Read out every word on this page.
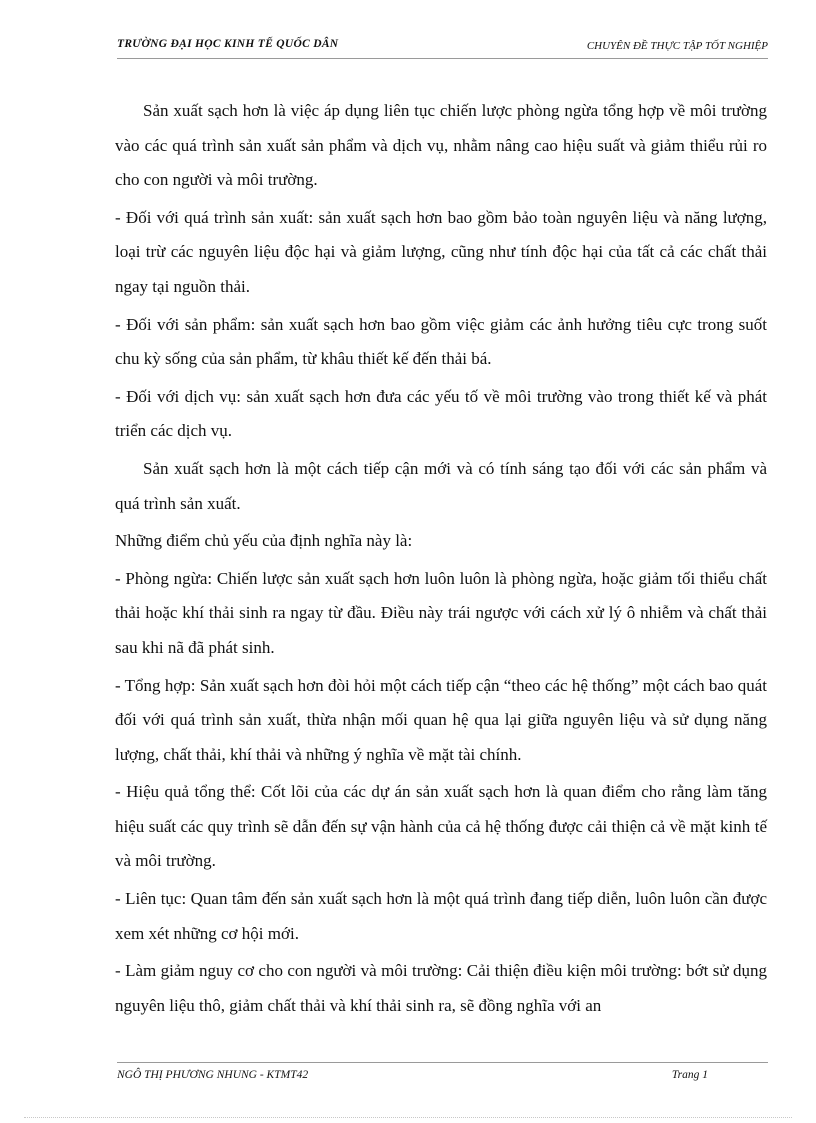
TRƯỜNG ĐẠI HỌC KINH TẾ QUỐC DÂN	CHUYÊN ĐỀ THỰC TẬP TỐT NGHIỆP

Sản xuất sạch hơn là việc áp dụng liên tục chiến lược phòng ngừa tổng hợp về môi trường vào các quá trình sản xuất sản phẩm và dịch vụ, nhằm nâng cao hiệu suất và giảm thiểu rủi ro cho con người và môi trường.

- Đối với quá trình sản xuất: sản xuất sạch hơn bao gồm bảo toàn nguyên liệu và năng lượng, loại trừ các nguyên liệu độc hại và giảm lượng, cũng như tính độc hại của tất cả các chất thải ngay tại nguồn thải.

- Đối với sản phẩm: sản xuất sạch hơn bao gồm việc giảm các ảnh hưởng tiêu cực trong suốt chu kỳ sống của sản phẩm, từ khâu thiết kế đến thải bá.

- Đối với dịch vụ: sản xuất sạch hơn đưa các yếu tố về môi trường vào trong thiết kế và phát triển các dịch vụ.

Sản xuất sạch hơn là một cách tiếp cận mới và có tính sáng tạo đối với các sản phẩm và quá trình sản xuất.

Những điểm chủ yếu của định nghĩa này là:

- Phòng ngừa: Chiến lược sản xuất sạch hơn luôn luôn là phòng ngừa, hoặc giảm tối thiểu chất thải hoặc khí thải sinh ra ngay từ đầu. Điều này trái ngược với cách xử lý ô nhiễm và chất thải sau khi nã đã phát sinh.

- Tổng hợp: Sản xuất sạch hơn đòi hỏi một cách tiếp cận “theo các hệ thống” một cách bao quát đối với quá trình sản xuất, thừa nhận mối quan hệ qua lại giữa nguyên liệu và sử dụng năng lượng, chất thải, khí thải và những ý nghĩa về mặt tài chính.

- Hiệu quả tổng thể: Cốt lõi của các dự án sản xuất sạch hơn là quan điểm cho rằng làm tăng hiệu suất các quy trình sẽ dẫn đến sự vận hành của cả hệ thống được cải thiện cả về mặt kinh tế và môi trường.

- Liên tục: Quan tâm đến sản xuất sạch hơn là một quá trình đang tiếp diễn, luôn luôn cần được xem xét những cơ hội mới.

- Làm giảm nguy cơ cho con người và môi trường: Cải thiện điều kiện môi trường: bớt sử dụng nguyên liệu thô, giảm chất thải và khí thải sinh ra, sẽ đồng nghĩa với an

NGÔ THỊ PHƯƠNG NHUNG - KTMT42	Trang 1
